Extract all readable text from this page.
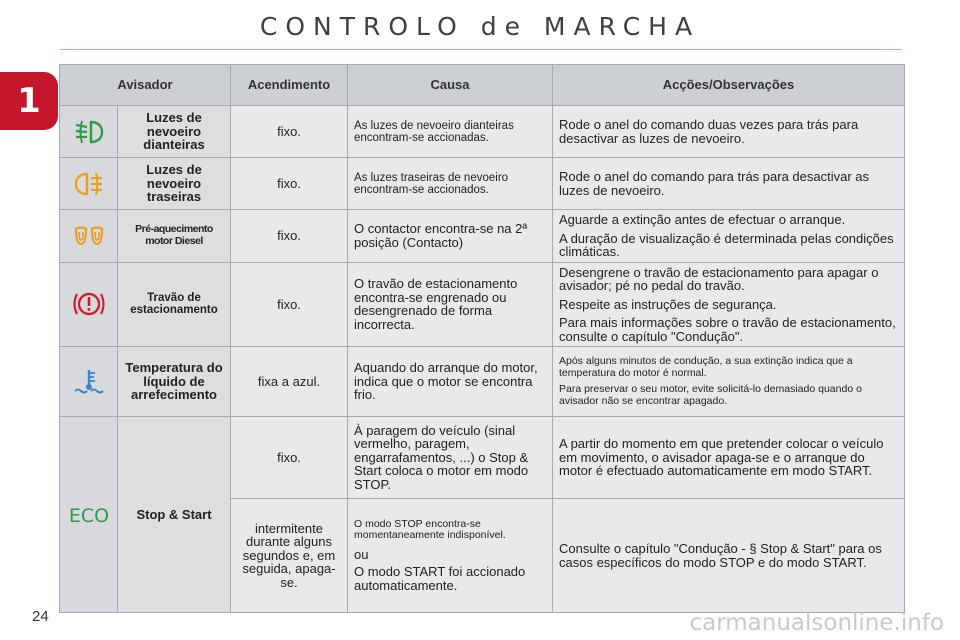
CONTROLO de MARCHA
1	Avisador		Acendimento	Causa	Acções/Observações

	Luzes de nevoeiro dianteiras	fixo.	As luzes de nevoeiro dianteiras encontram-se accionadas.	Rode o anel do comando duas vezes para trás para desactivar as luzes de nevoeiro.

	Luzes de nevoeiro traseiras	fixo.	As luzes traseiras de nevoeiro encontram-se accionados.	Rode o anel do comando para trás para desactivar as luzes de nevoeiro.

	Pré-aquecimento motor Diesel	fixo.	O contactor encontra-se na 2ª posição (Contacto)	Aguarde a extinção antes de efectuar o arranque.
A duração de visualização é determinada pelas condições climáticas.

	Travão de estacionamento	fixo.	O travão de estacionamento encontra-se engrenado ou desengrenado de forma incorrecta.	Desengrene o travão de estacionamento para apagar o avisador; pé no pedal do travão.
Respeite as instruções de segurança.
Para mais informações sobre o travão de estacionamento, consulte o capítulo "Condução".

	Temperatura do líquido de arrefecimento	fixa a azul.	Aquando do arranque do motor, indica que o motor se encontra frio.	Após alguns minutos de condução, a sua extinção indica que a temperatura do motor é normal.
Para preservar o seu motor, evite solicitá-lo demasiado quando o avisador não se encontrar apagado.

ECO	Stop & Start	fixo.	À paragem do veículo (sinal vermelho, paragem, engarrafamentos, ...) o Stop & Start coloca o motor em modo STOP.	A partir do momento em que pretender colocar o veículo em movimento, o avisador apaga-se e o arranque do motor é efectuado automaticamente em modo START.
		intermitente durante alguns segundos e, em seguida, apaga-se.	O modo STOP encontra-se momentaneamente indisponível.
ou
O modo START foi accionado automaticamente.	Consulte o capítulo "Condução - § Stop & Start" para os casos específicos do modo STOP e do modo START.
24	carmanualsonline.info
